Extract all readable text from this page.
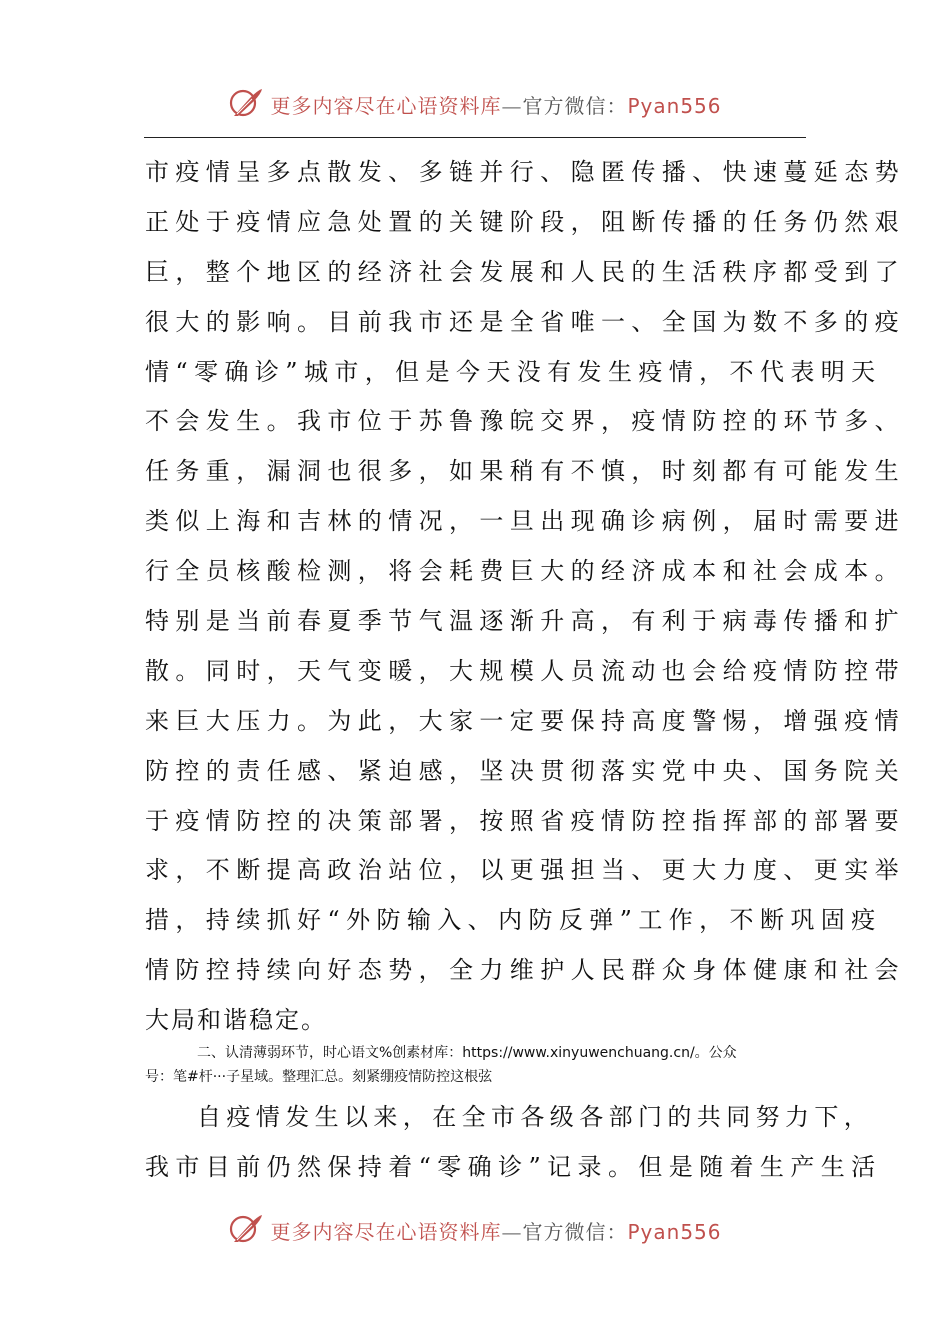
更多内容尽在心语资料库—官方微信：Pyan556
市疫情呈多点散发、多链并行、隐匿传播、快速蔓延态势
正处于疫情应急处置的关键阶段，阻断传播的任务仍然艰
巨，整个地区的经济社会发展和人民的生活秩序都受到了
很大的影响。目前我市还是全省唯一、全国为数不多的疫
情“零确诊”城市，但是今天没有发生疫情，不代表明天
不会发生。我市位于苏鲁豫皖交界，疫情防控的环节多、
任务重，漏洞也很多，如果稍有不慎，时刻都有可能发生
类似上海和吉林的情况，一旦出现确诊病例，届时需要进
行全员核酸检测，将会耗费巨大的经济成本和社会成本。
特别是当前春夏季节气温逐渐升高，有利于病毒传播和扩
散。同时，天气变暖，大规模人员流动也会给疫情防控带
来巨大压力。为此，大家一定要保持高度警惕，增强疫情
防控的责任感、紧迫感，坚决贯彻落实党中央、国务院关
于疫情防控的决策部署，按照省疫情防控指挥部的部署要
求，不断提高政治站位，以更强担当、更大力度、更实举
措，持续抓好“外防输入、内防反弹”工作，不断巩固疫
情防控持续向好态势，全力维护人民群众身体健康和社会
大局和谐稳定。
二、认清薄弱环节，时心语文%创素材库：https://www.xinyuwenchuang.cn/。公众
号：笔#杆···子星域。整理汇总。刻紧绷疫情防控这根弦
自疫情发生以来，在全市各级各部门的共同努力下，
我市目前仍然保持着“零确诊”记录。但是随着生产生活
更多内容尽在心语资料库—官方微信：Pyan556
